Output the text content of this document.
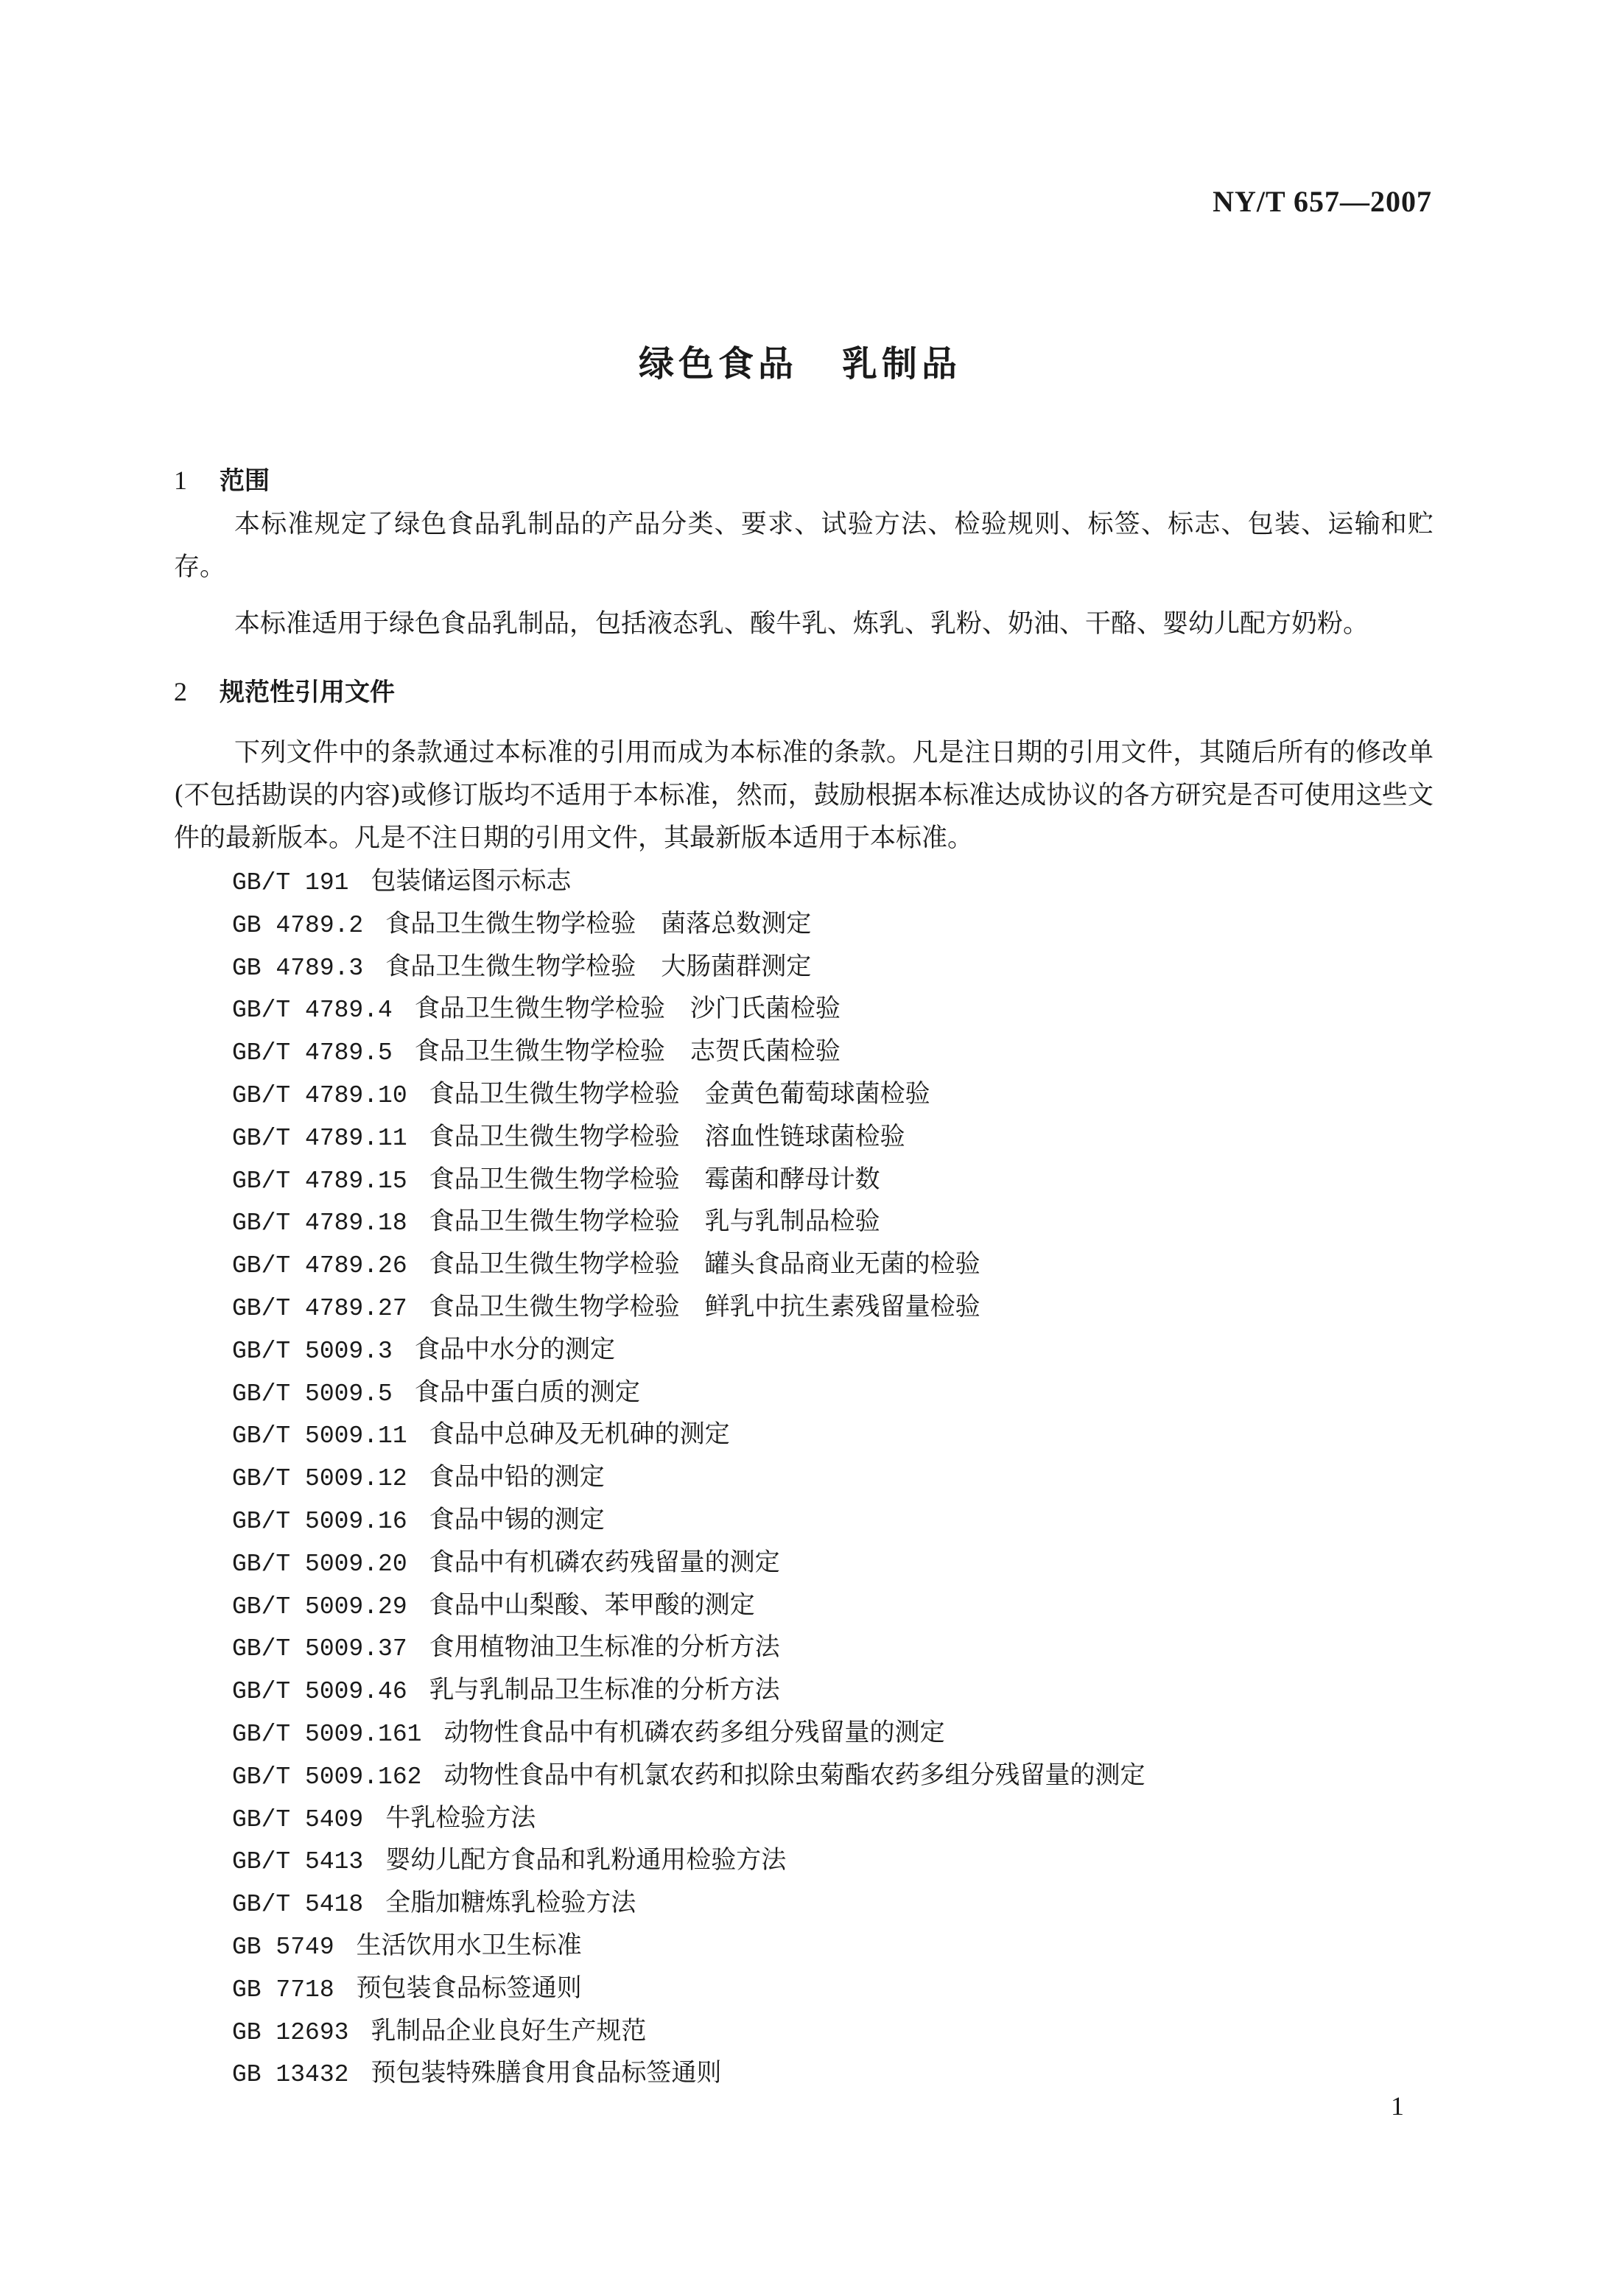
NY/T 657—2007
绿色食品 乳制品
1 范围

本标准规定了绿色食品乳制品的产品分类、要求、试验方法、检验规则、标签、标志、包装、运输和贮存。

本标准适用于绿色食品乳制品，包括液态乳、酸牛乳、炼乳、乳粉、奶油、干酪、婴幼儿配方奶粉。

2 规范性引用文件

下列文件中的条款通过本标准的引用而成为本标准的条款。凡是注日期的引用文件，其随后所有的修改单(不包括勘误的内容)或修订版均不适用于本标准，然而，鼓励根据本标准达成协议的各方研究是否可使用这些文件的最新版本。凡是不注日期的引用文件，其最新版本适用于本标准。

GB/T 191 包装储运图示标志
GB 4789.2 食品卫生微生物学检验　菌落总数测定
GB 4789.3 食品卫生微生物学检验　大肠菌群测定
GB/T 4789.4 食品卫生微生物学检验　沙门氏菌检验
GB/T 4789.5 食品卫生微生物学检验　志贺氏菌检验
GB/T 4789.10 食品卫生微生物学检验　金黄色葡萄球菌检验
GB/T 4789.11 食品卫生微生物学检验　溶血性链球菌检验
GB/T 4789.15 食品卫生微生物学检验　霉菌和酵母计数
GB/T 4789.18 食品卫生微生物学检验　乳与乳制品检验
GB/T 4789.26 食品卫生微生物学检验　罐头食品商业无菌的检验
GB/T 4789.27 食品卫生微生物学检验　鲜乳中抗生素残留量检验
GB/T 5009.3 食品中水分的测定
GB/T 5009.5 食品中蛋白质的测定
GB/T 5009.11 食品中总砷及无机砷的测定
GB/T 5009.12 食品中铅的测定
GB/T 5009.16 食品中锡的测定
GB/T 5009.20 食品中有机磷农药残留量的测定
GB/T 5009.29 食品中山梨酸、苯甲酸的测定
GB/T 5009.37 食用植物油卫生标准的分析方法
GB/T 5009.46 乳与乳制品卫生标准的分析方法
GB/T 5009.161 动物性食品中有机磷农药多组分残留量的测定
GB/T 5009.162 动物性食品中有机氯农药和拟除虫菊酯农药多组分残留量的测定
GB/T 5409 牛乳检验方法
GB/T 5413 婴幼儿配方食品和乳粉通用检验方法
GB/T 5418 全脂加糖炼乳检验方法
GB 5749 生活饮用水卫生标准
GB 7718 预包装食品标签通则
GB 12693 乳制品企业良好生产规范
GB 13432 预包装特殊膳食用食品标签通则
1
